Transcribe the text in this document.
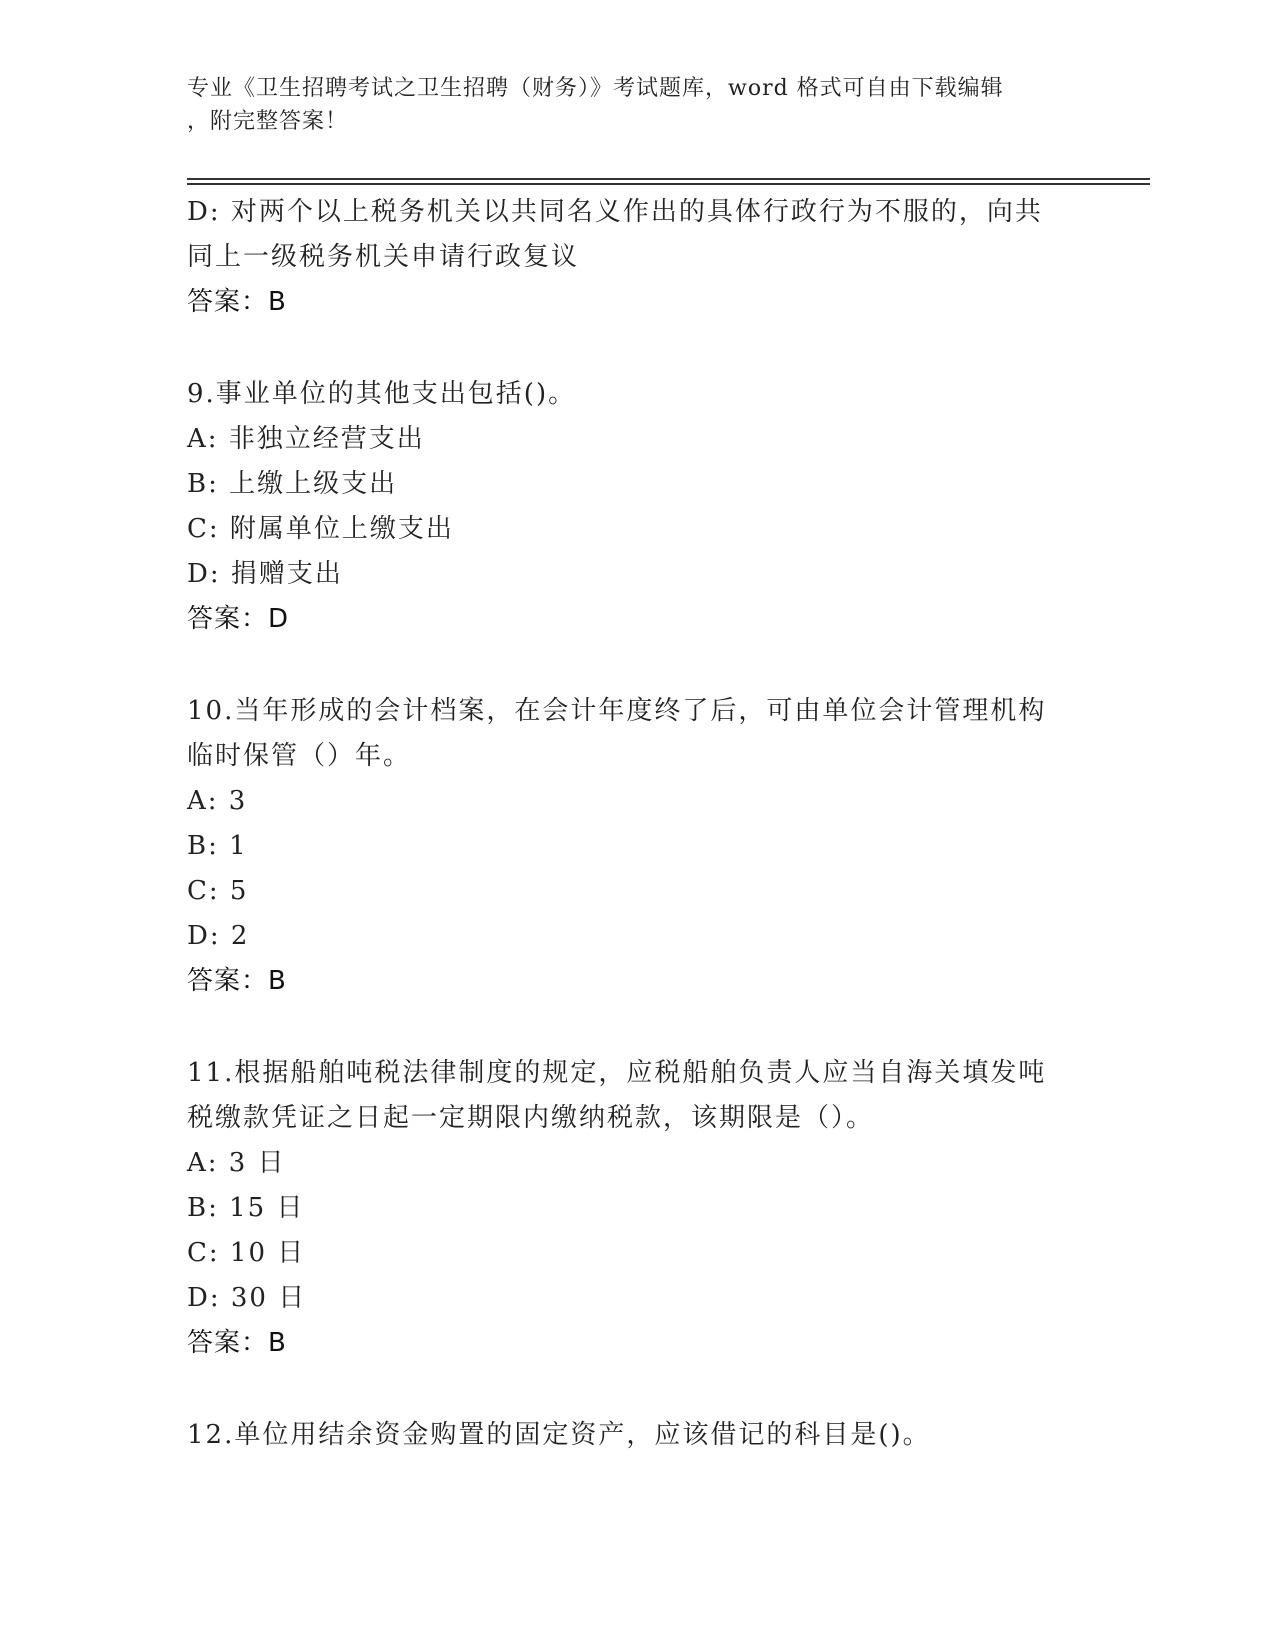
专业《卫生招聘考试之卫生招聘（财务）》考试题库，word 格式可自由下载编辑
，附完整答案！

D: 对两个以上税务机关以共同名义作出的具体行政行为不服的，向共

同上一级税务机关申请行政复议

答案：B

9.事业单位的其他支出包括()。

A: 非独立经营支出

B: 上缴上级支出

C: 附属单位上缴支出

D: 捐赠支出

答案：D

10.当年形成的会计档案，在会计年度终了后，可由单位会计管理机构

临时保管（）年。

A: 3

B: 1

C: 5

D: 2

答案：B

11.根据船舶吨税法律制度的规定，应税船舶负责人应当自海关填发吨

税缴款凭证之日起一定期限内缴纳税款，该期限是（）。

A: 3 日

B: 15 日

C: 10 日

D: 30 日

答案：B

12.单位用结余资金购置的固定资产，应该借记的科目是()。
